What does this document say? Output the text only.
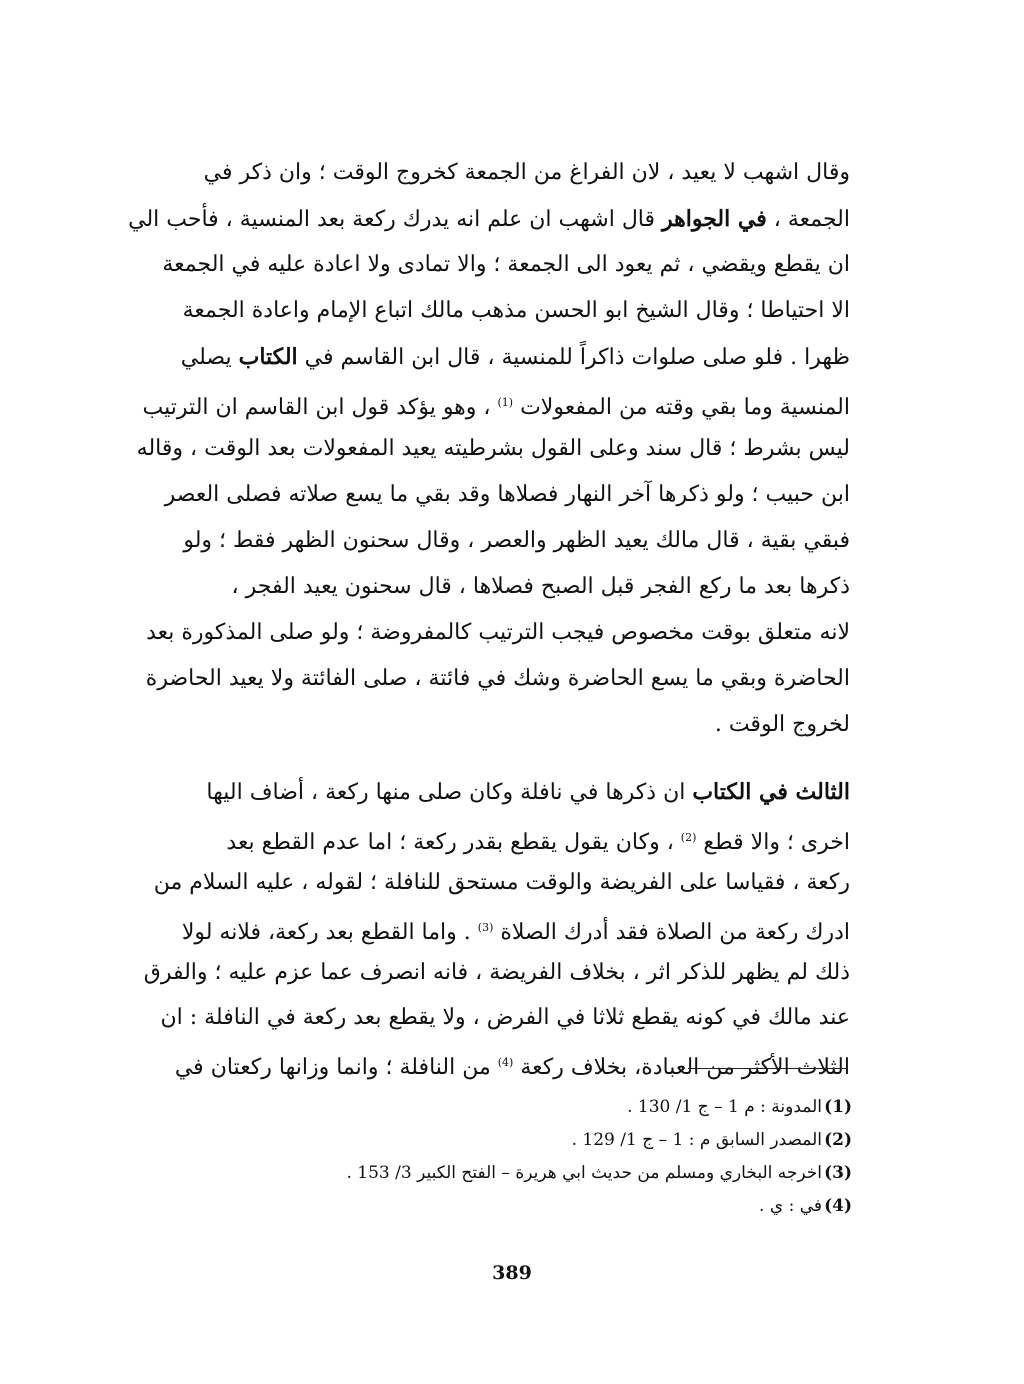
وقال اشهب لا يعيد ، لان الفراغ من الجمعة كخروج الوقت ؛ وان ذكر في
الجمعة ، في الجواهر قال اشهب ان علم انه يدرك ركعة بعد المنسية ، فأحب الي
ان يقطع ويقضي ، ثم يعود الى الجمعة ؛ والا تمادى ولا اعادة عليه في الجمعة
الا احتياطا ؛ وقال الشيخ ابو الحسن مذهب مالك اتباع الإمام واعادة الجمعة
ظهرا . فلو صلى صلوات ذاكراً للمنسية ، قال ابن القاسم في الكتاب يصلي
المنسية وما بقي وقته من المفعولات $^{(1)}$ ، وهو يؤكد قول ابن القاسم ان الترتيب
ليس بشرط ؛ قال سند وعلى القول بشرطيته يعيد المفعولات بعد الوقت ، وقاله
ابن حبيب ؛ ولو ذكرها آخر النهار فصلاها وقد بقي ما يسع صلاته فصلى العصر
فبقي بقية ، قال مالك يعيد الظهر والعصر ، وقال سحنون الظهر فقط ؛ ولو
ذكرها بعد ما ركع الفجر قبل الصبح فصلاها ، قال سحنون يعيد الفجر ،
لانه متعلق بوقت مخصوص فيجب الترتيب كالمفروضة ؛ ولو صلى المذكورة بعد
الحاضرة وبقي ما يسع الحاضرة وشك في فائتة ، صلى الفائتة ولا يعيد الحاضرة
لخروج الوقت .
الثالث في الكتاب ان ذكرها في نافلة وكان صلى منها ركعة ، أضاف اليها
اخرى ؛ والا قطع $^{(2)}$ ، وكان يقول يقطع بقدر ركعة ؛ اما عدم القطع بعد
ركعة ، فقياسا على الفريضة والوقت مستحق للنافلة ؛ لقوله ، عليه السلام من
ادرك ركعة من الصلاة فقد أدرك الصلاة $^{(3)}$ . واما القطع بعد ركعة، فلانه لولا
ذلك لم يظهر للذكر اثر ، بخلاف الفريضة ، فانه انصرف عما عزم عليه ؛ والفرق
عند مالك في كونه يقطع ثلاثا في الفرض ، ولا يقطع بعد ركعة في النافلة : ان
الثلاث الأكثر من العبادة، بخلاف ركعة $^{(4)}$ من النافلة ؛ وانما وزانها ركعتان في
(1)المدونة : م 1 – ج 1/ 130 .
(2)المصدر السابق م : 1 – ج 1/ 129 .
(3)اخرجه البخاري ومسلم من حديث ابي هريرة – الفتح الكبير 3/ 153 .
(4)في : ي .
389
